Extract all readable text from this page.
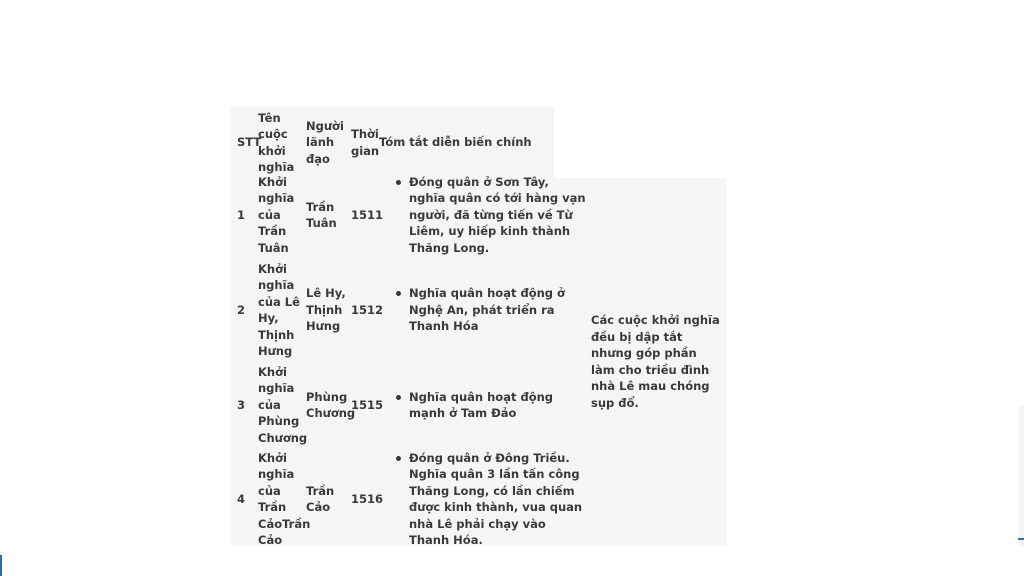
STT
Tên cuộc khởi nghĩa
Người lãnh đạo
Thời gian
Tóm tắt diễn biến chính
1
Khởi nghĩa của Trần Tuân
Trần Tuân
1511
Đóng quân ở Sơn Tây, nghĩa quân có tới hàng vạn người, đã từng tiến về Từ Liêm, uy hiếp kinh thành Thăng Long.
2
Khởi nghĩa của Lê Hy, Thịnh Hưng
Lê Hy, Thịnh Hưng
1512
Nghĩa quân hoạt động ở Nghệ An, phát triển ra Thanh Hóa
3
Khởi nghĩa của Phùng Chương
Phùng Chương
1515
Nghĩa quân hoạt động mạnh ở Tam Đảo
4
Khởi nghĩa của Trần CảoTrần Cảo
Trần Cảo
1516
Đóng quân ở Đông Triều. Nghĩa quân 3 lần tấn công Thăng Long, có lần chiếm được kinh thành, vua quan nhà Lê phải chạy vào Thanh Hóa.
Các cuộc khởi nghĩa đều bị dập tắt nhưng góp phần làm cho triều đình nhà Lê mau chóng sụp đổ.
